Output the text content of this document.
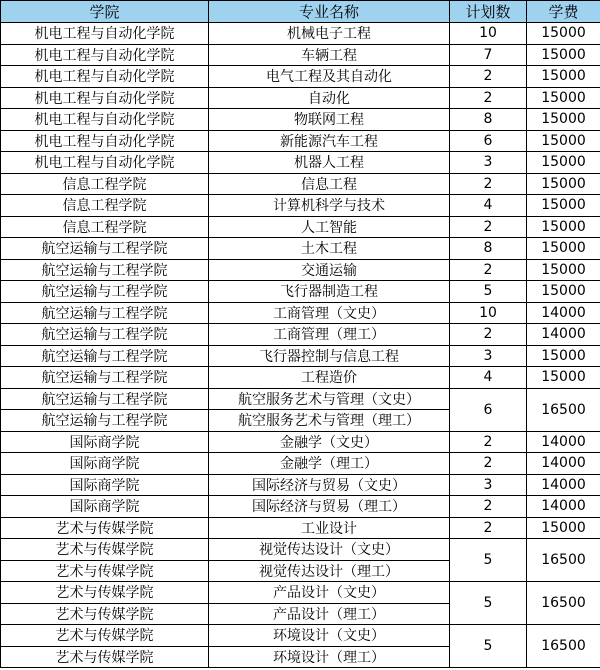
学院	专业名称	计划数	学费
机电工程与自动化学院	机械电子工程	10	15000
机电工程与自动化学院	车辆工程	7	15000
机电工程与自动化学院	电气工程及其自动化	2	15000
机电工程与自动化学院	自动化	2	15000
机电工程与自动化学院	物联网工程	8	15000
机电工程与自动化学院	新能源汽车工程	6	15000
机电工程与自动化学院	机器人工程	3	15000
信息工程学院	信息工程	2	15000
信息工程学院	计算机科学与技术	4	15000
信息工程学院	人工智能	2	15000
航空运输与工程学院	土木工程	8	15000
航空运输与工程学院	交通运输	2	15000
航空运输与工程学院	飞行器制造工程	5	15000
航空运输与工程学院	工商管理（文史）	10	14000
航空运输与工程学院	工商管理（理工）	2	14000
航空运输与工程学院	飞行器控制与信息工程	3	15000
航空运输与工程学院	工程造价	4	15000
航空运输与工程学院	航空服务艺术与管理（文史）	6	16500
航空运输与工程学院	航空服务艺术与管理（理工）		
国际商学院	金融学（文史）	2	14000
国际商学院	金融学（理工）	2	14000
国际商学院	国际经济与贸易（文史）	3	14000
国际商学院	国际经济与贸易（理工）	2	14000
艺术与传媒学院	工业设计	2	15000
艺术与传媒学院	视觉传达设计（文史）	5	16500
艺术与传媒学院	视觉传达设计（理工）		
艺术与传媒学院	产品设计（文史）	5	16500
艺术与传媒学院	产品设计（理工）		
艺术与传媒学院	环境设计（文史）	5	16500
艺术与传媒学院	环境设计（理工）		
